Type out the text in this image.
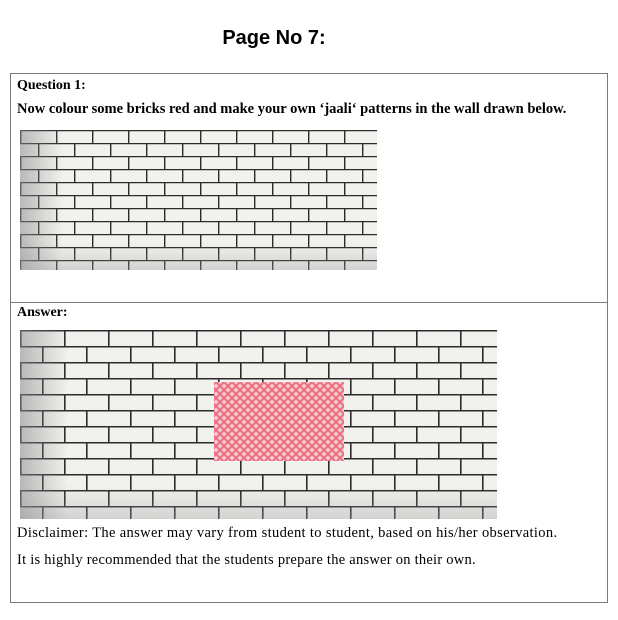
Page No 7:
Question 1:
Now colour some bricks red and make your own ‘jaali‘ patterns in the wall drawn below.
Answer:
Disclaimer: The answer may vary from student to student, based on his/her observation.
It is highly recommended that the students prepare the answer on their own.
